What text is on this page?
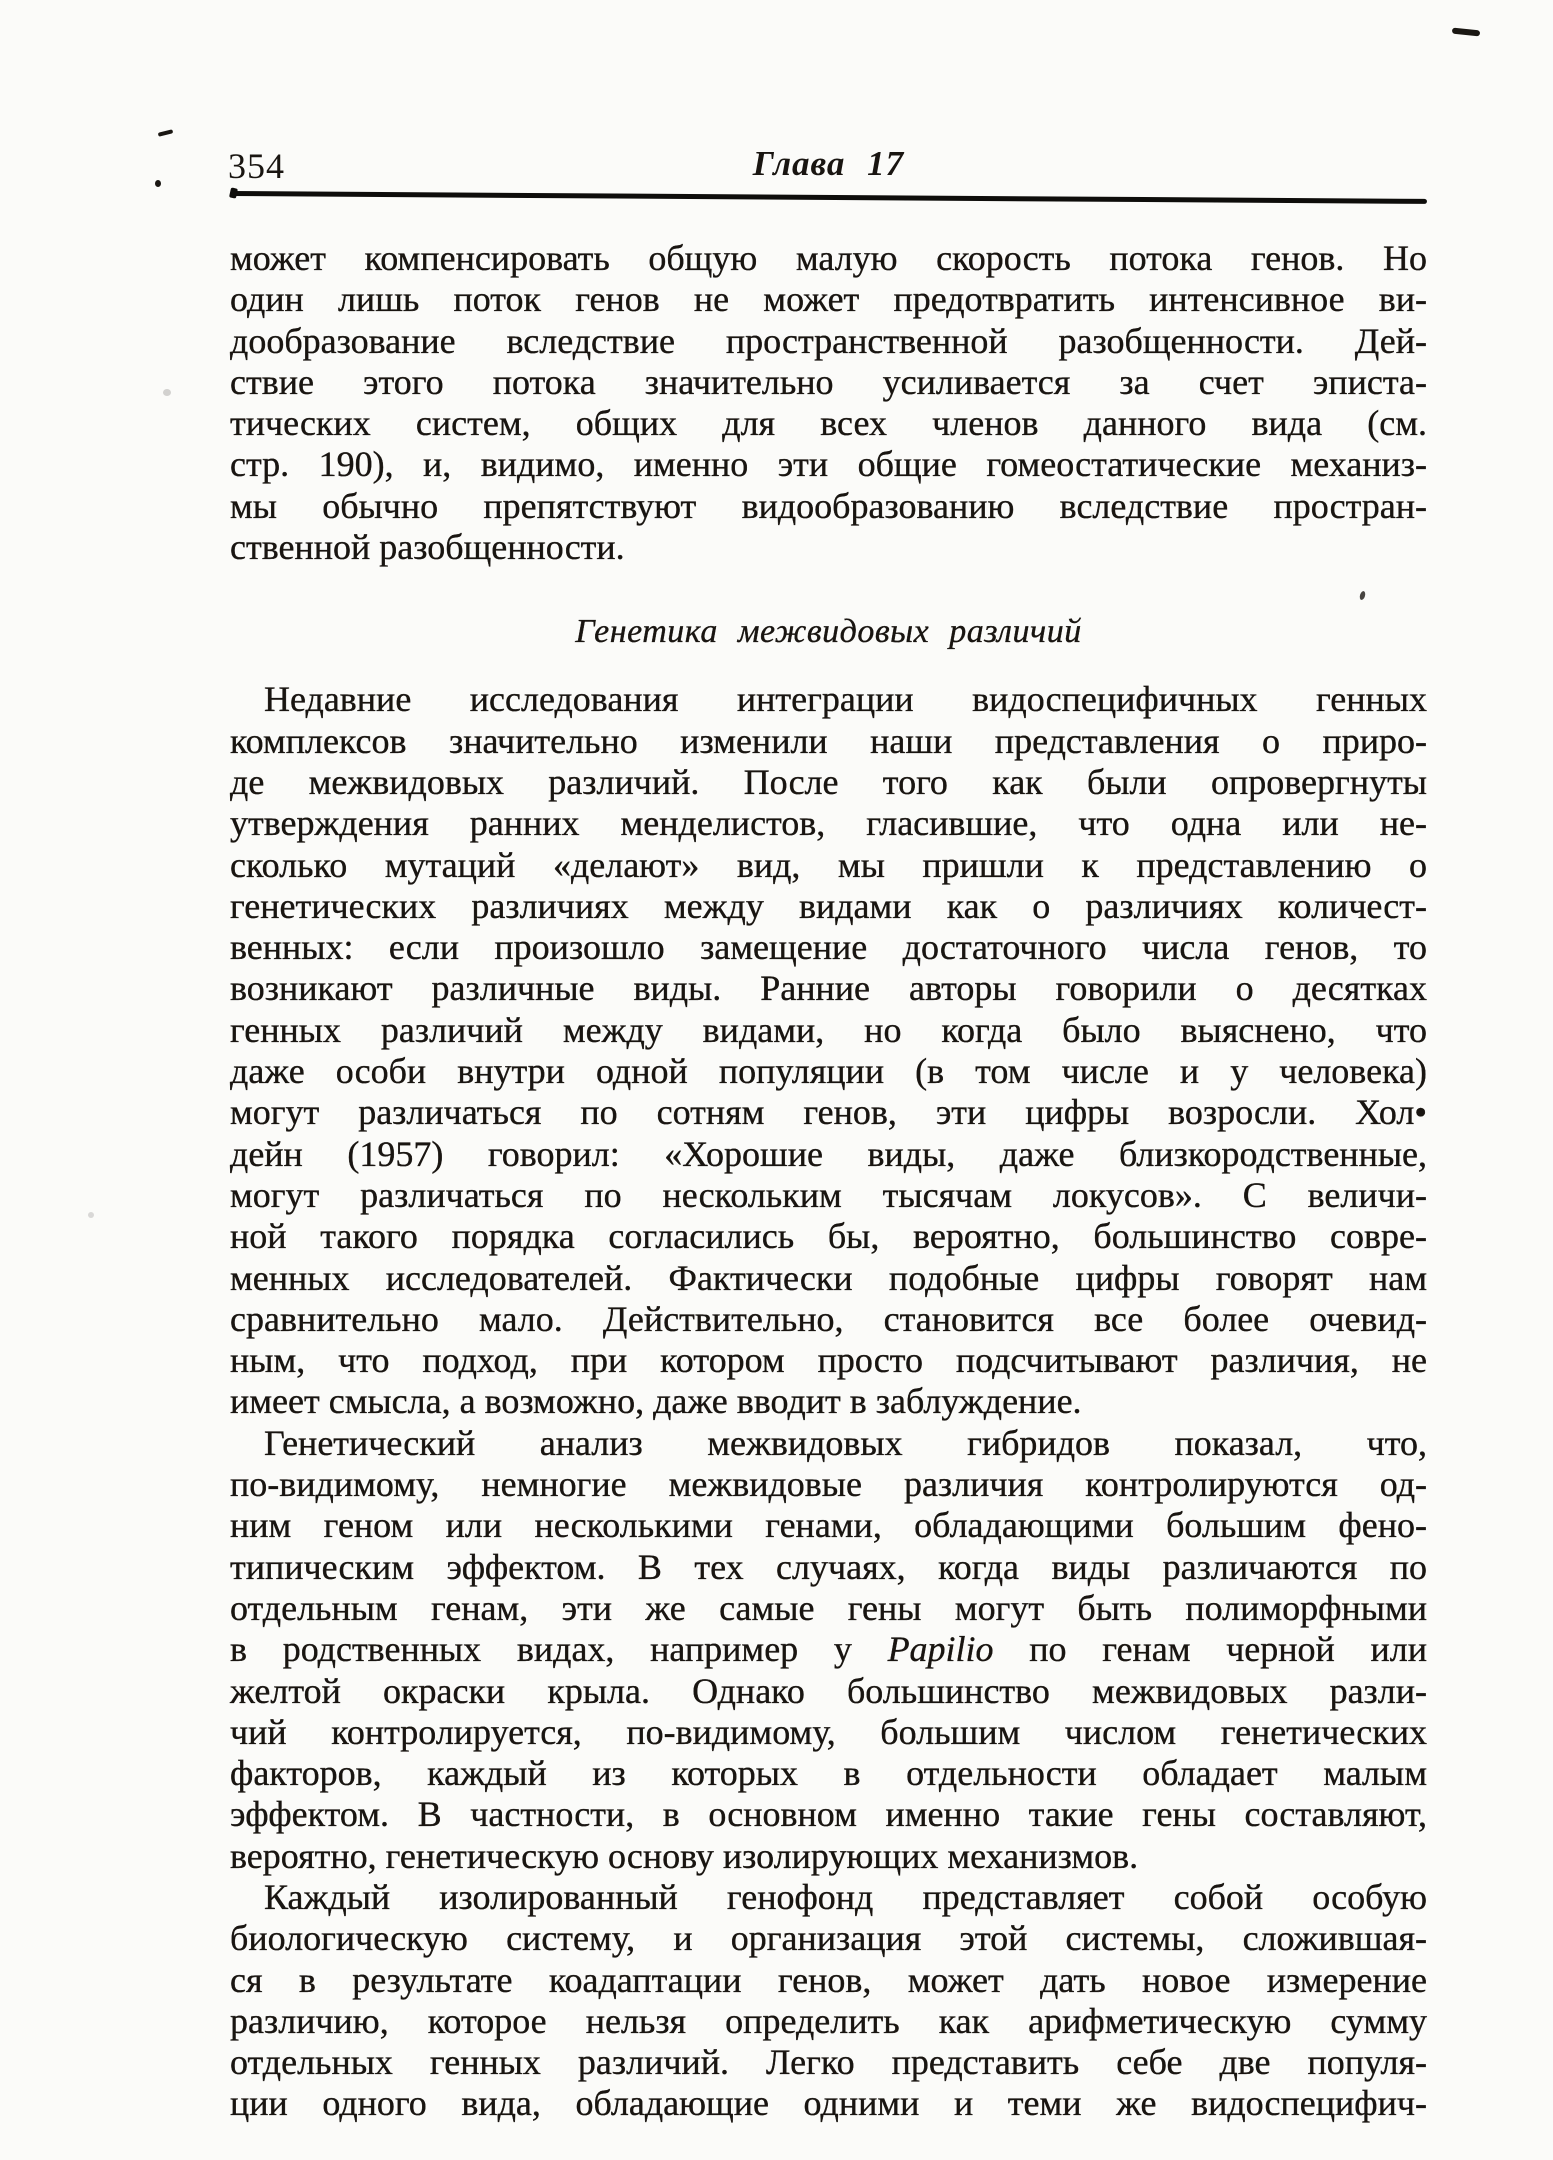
354	Глава 17
может компенсировать общую малую скорость потока генов. Но
один лишь поток генов не может предотвратить интенсивное ви-
дообразование вследствие пространственной разобщенности. Дей-
ствие этого потока значительно усиливается за счет эписта-
тических систем, общих для всех членов данного вида (см.
стр. 190), и, видимо, именно эти общие гомеостатические механиз-
мы обычно препятствуют видообразованию вследствие простран-
ственной разобщенности.
Генетика межвидовых различий
Недавние исследования интеграции видоспецифичных генных
комплексов значительно изменили наши представления о приро-
де межвидовых различий. После того как были опровергнуты
утверждения ранних менделистов, гласившие, что одна или не-
сколько мутаций «делают» вид, мы пришли к представлению о
генетических различиях между видами как о различиях количест-
венных: если произошло замещение достаточного числа генов, то
возникают различные виды. Ранние авторы говорили о десятках
генных различий между видами, но когда было выяснено, что
даже особи внутри одной популяции (в том числе и у человека)
могут различаться по сотням генов, эти цифры возросли. Хол•
дейн (1957) говорил: «Хорошие виды, даже близкородственные,
могут различаться по нескольким тысячам локусов». С величи-
ной такого порядка согласились бы, вероятно, большинство совре-
менных исследователей. Фактически подобные цифры говорят нам
сравнительно мало. Действительно, становится все более очевид-
ным, что подход, при котором просто подсчитывают различия, не
имеет смысла, а возможно, даже вводит в заблуждение.
Генетический анализ межвидовых гибридов показал, что,
по-видимому, немногие межвидовые различия контролируются од-
ним геном или несколькими генами, обладающими большим фено-
типическим эффектом. В тех случаях, когда виды различаются по
отдельным генам, эти же самые гены могут быть полиморфными
в родственных видах, например у Papilio по генам черной или
желтой окраски крыла. Однако большинство межвидовых разли-
чий контролируется, по-видимому, большим числом генетических
факторов, каждый из которых в отдельности обладает малым
эффектом. В частности, в основном именно такие гены составляют,
вероятно, генетическую основу изолирующих механизмов.
Каждый изолированный генофонд представляет собой особую
биологическую систему, и организация этой системы, сложившая-
ся в результате коадаптации генов, может дать новое измерение
различию, которое нельзя определить как арифметическую сумму
отдельных генных различий. Легко представить себе две популя-
ции одного вида, обладающие одними и теми же видоспецифич-
